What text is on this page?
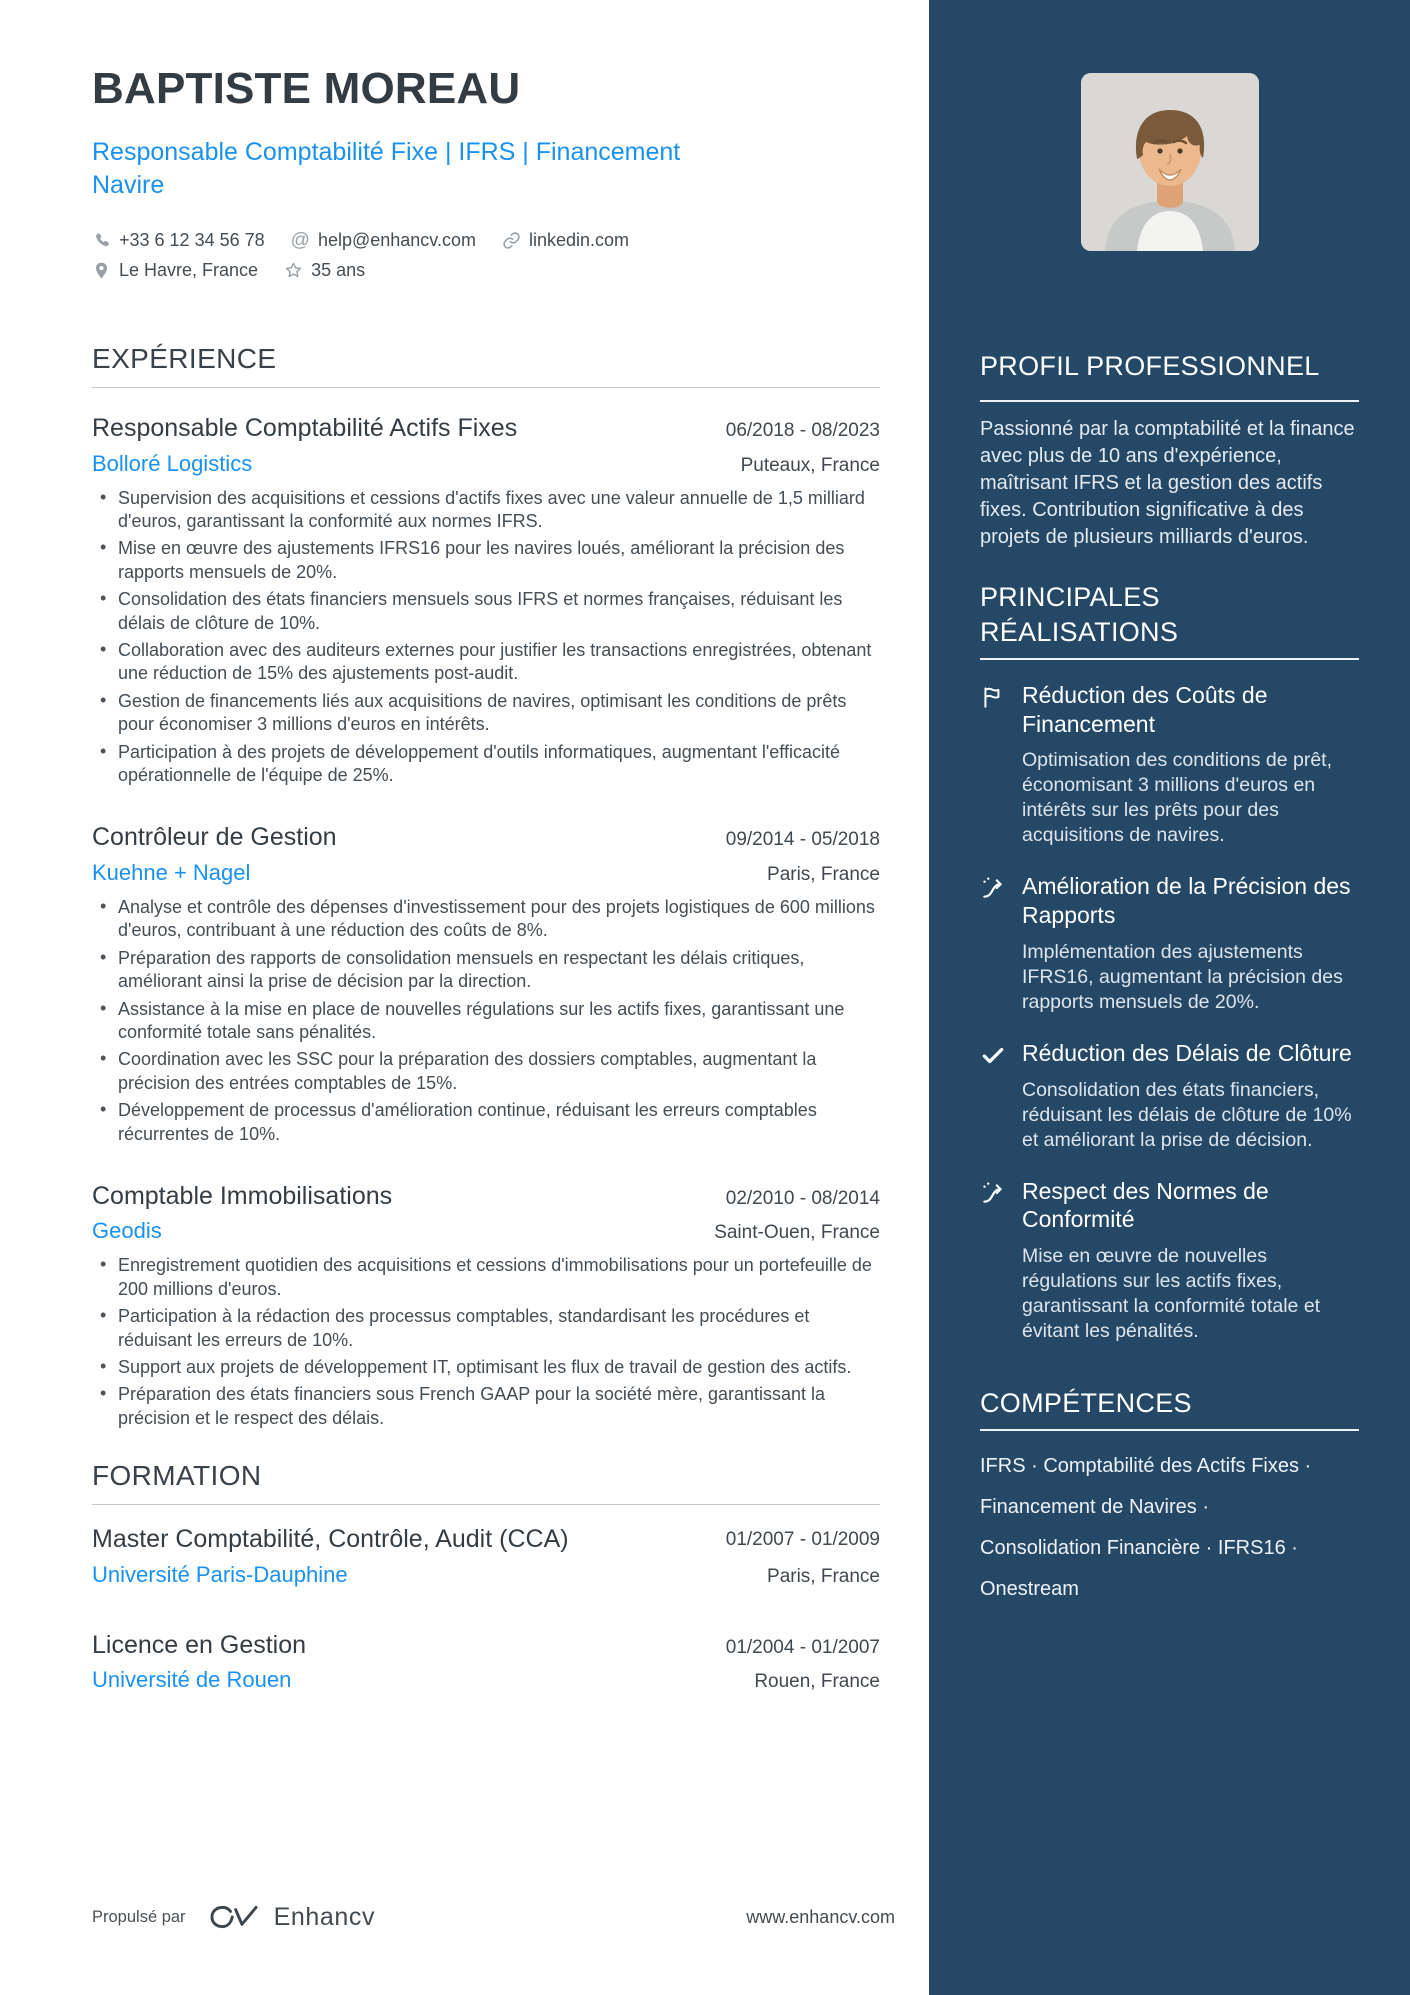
BAPTISTE MOREAU
Responsable Comptabilité Fixe | IFRS | Financement Navire
+33 6 12 34 56 78 @ help@enhancv.com	linkedin.com
Le Havre, France	35 ans
EXPÉRIENCE
Responsable Comptabilité Actifs Fixes	06/2018 - 08/2023
Bolloré Logistics	Puteaux, France
• Supervision des acquisitions et cessions d'actifs fixes avec une valeur annuelle de 1,5 milliard d'euros, garantissant la conformité aux normes IFRS.
• Mise en œuvre des ajustements IFRS16 pour les navires loués, améliorant la précision des rapports mensuels de 20%.
• Consolidation des états financiers mensuels sous IFRS et normes françaises, réduisant les délais de clôture de 10%.
• Collaboration avec des auditeurs externes pour justifier les transactions enregistrées, obtenant une réduction de 15% des ajustements post-audit.
• Gestion de financements liés aux acquisitions de navires, optimisant les conditions de prêts pour économiser 3 millions d'euros en intérêts.
• Participation à des projets de développement d'outils informatiques, augmentant l'efficacité opérationnelle de l'équipe de 25%.
Contrôleur de Gestion	09/2014 - 05/2018
Kuehne + Nagel	Paris, France
• Analyse et contrôle des dépenses d'investissement pour des projets logistiques de 600 millions d'euros, contribuant à une réduction des coûts de 8%.
• Préparation des rapports de consolidation mensuels en respectant les délais critiques, améliorant ainsi la prise de décision par la direction.
• Assistance à la mise en place de nouvelles régulations sur les actifs fixes, garantissant une conformité totale sans pénalités.
• Coordination avec les SSC pour la préparation des dossiers comptables, augmentant la précision des entrées comptables de 15%.
• Développement de processus d'amélioration continue, réduisant les erreurs comptables récurrentes de 10%.
Comptable Immobilisations	02/2010 - 08/2014
Geodis	Saint-Ouen, France
• Enregistrement quotidien des acquisitions et cessions d'immobilisations pour un portefeuille de 200 millions d'euros.
• Participation à la rédaction des processus comptables, standardisant les procédures et réduisant les erreurs de 10%.
• Support aux projets de développement IT, optimisant les flux de travail de gestion des actifs.
• Préparation des états financiers sous French GAAP pour la société mère, garantissant la précision et le respect des délais.
FORMATION
Master Comptabilité, Contrôle, Audit (CCA)	01/2007 - 01/2009
Université Paris-Dauphine	Paris, France
Licence en Gestion	01/2004 - 01/2007
Université de Rouen	Rouen, France
PROFIL PROFESSIONNEL

Passionné par la comptabilité et la finance avec plus de 10 ans d'expérience, maîtrisant IFRS et la gestion des actifs fixes. Contribution significative à des projets de plusieurs milliards d'euros.

PRINCIPALES RÉALISATIONS
Réduction des Coûts de Financement

Optimisation des conditions de prêt, économisant 3 millions d'euros en intérêts sur les prêts pour des acquisitions de navires.

Amélioration de la Précision des Rapports

Implémentation des ajustements IFRS16, augmentant la précision des rapports mensuels de 20%.

Réduction des Délais de Clôture

Consolidation des états financiers, réduisant les délais de clôture de 10% et améliorant la prise de décision.

Respect des Normes de Conformité

Mise en œuvre de nouvelles régulations sur les actifs fixes, garantissant la conformité totale et évitant les pénalités.

COMPÉTENCES
IFRS · Comptabilité des Actifs Fixes ·
Financement de Navires ·
Consolidation Financière · IFRS16 ·
Onestream
Propulsé par	Enhancv	www.enhancv.com
